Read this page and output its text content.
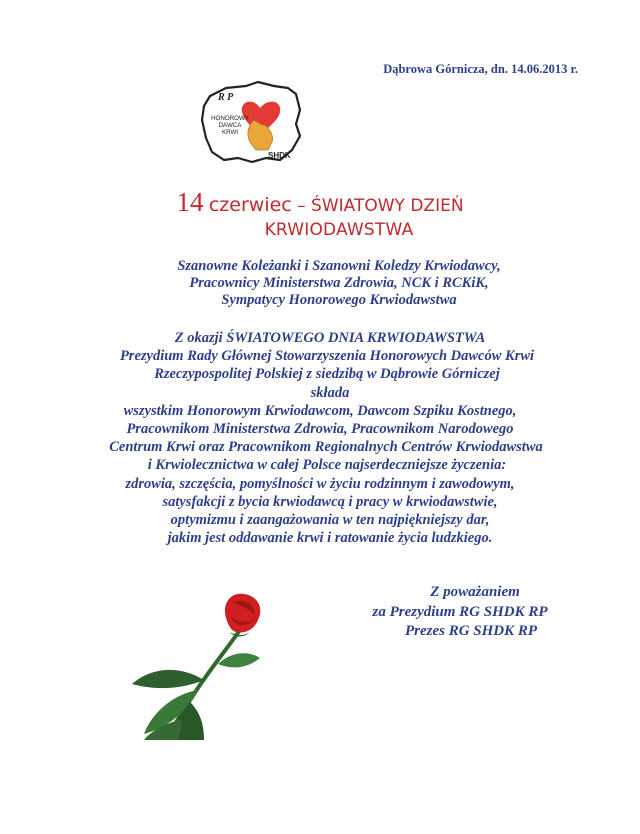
Dąbrowa Górnicza, dn. 14.06.2013 r.
R P
HONOROWY
DAWCA
KRWI
SHDK
14 czerwiec – ŚWIATOWY DZIEŃ
KRWIODAWSTWA
Szanowne Koleżanki i Szanowni Koledzy Krwiodawcy,
Pracownicy Ministerstwa Zdrowia, NCK i RCKiK,
Sympatycy Honorowego Krwiodawstwa
Z okazji ŚWIATOWEGO DNIA KRWIODAWSTWA
Prezydium Rady Głównej Stowarzyszenia Honorowych Dawców Krwi
Rzeczypospolitej Polskiej z siedzibą w Dąbrowie Górniczej
składa
wszystkim Honorowym Krwiodawcom, Dawcom Szpiku Kostnego,
Pracownikom Ministerstwa Zdrowia, Pracownikom Narodowego
Centrum Krwi oraz Pracownikom Regionalnych Centrów Krwiodawstwa
i Krwiolecznictwa w całej Polsce najserdeczniejsze życzenia:
zdrowia, szczęścia, pomyślności w życiu rodzinnym i zawodowym,
satysfakcji z bycia krwiodawcą i pracy w krwiodawstwie,
optymizmu i zaangażowania w ten najpiękniejszy dar,
jakim jest oddawanie krwi i ratowanie życia ludzkiego.
Z poważaniem
za Prezydium RG SHDK RP
Prezes RG SHDK RP
